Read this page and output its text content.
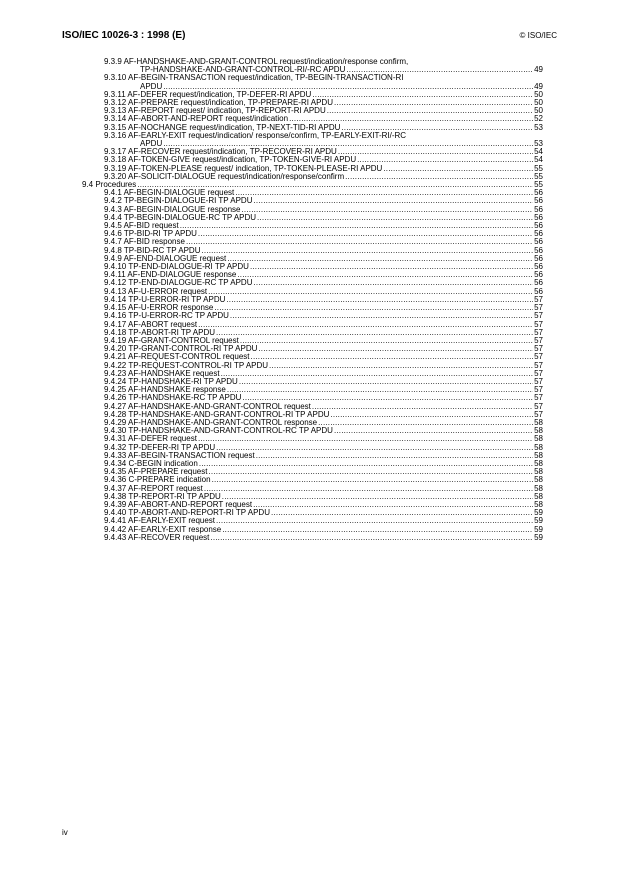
ISO/IEC 10026-3 : 1998 (E)	© ISO/IEC
9.3.9 AF-HANDSHAKE-AND-GRANT-CONTROL request/indication/response confirm,
TP-HANDSHAKE-AND-GRANT-CONTROL-RI/-RC APDU .....	49
9.3.10 AF-BEGIN-TRANSACTION request/indication, TP-BEGIN-TRANSACTION-RI
APDU .....	49
9.3.11 AF-DEFER request/indication, TP-DEFER-RI APDU .....	50
9.3.12 AF-PREPARE request/indication, TP-PREPARE-RI APDU .....	50
9.3.13 AF-REPORT request/ indication, TP-REPORT-RI APDU .....	50
9.3.14 AF-ABORT-AND-REPORT request/indication .....	52
9.3.15 AF-NOCHANGE request/indication, TP-NEXT-TID-RI APDU .....	53
9.3.16 AF-EARLY-EXIT request/indication/ response/confirm, TP-EARLY-EXIT-RI/-RC
APDU .....	53
9.3.17 AF-RECOVER request/indication, TP-RECOVER-RI APDU .....	54
9.3.18 AF-TOKEN-GIVE request/indication, TP-TOKEN-GIVE-RI APDU .....	54
9.3.19 AF-TOKEN-PLEASE request/ indication, TP-TOKEN-PLEASE-RI APDU .....	55
9.3.20 AF-SOLICIT-DIALOGUE request/indication/response/confirm .....	55
9.4 Procedures .....	55
9.4.1 AF-BEGIN-DIALOGUE request .....	56
9.4.2 TP-BEGIN-DIALOGUE-RI TP APDU .....	56
9.4.3 AF-BEGIN-DIALOGUE response .....	56
9.4.4 TP-BEGIN-DIALOGUE-RC TP APDU .....	56
9.4.5 AF-BID request .....	56
9.4.6 TP-BID-RI TP APDU .....	56
9.4.7 AF-BID response .....	56
9.4.8 TP-BID-RC TP APDU .....	56
9.4.9 AF-END-DIALOGUE request .....	56
9.4.10 TP-END-DIALOGUE-RI TP APDU .....	56
9.4.11 AF-END-DIALOGUE response .....	56
9.4.12 TP-END-DIALOGUE-RC TP APDU .....	56
9.4.13 AF-U-ERROR request .....	56
9.4.14 TP-U-ERROR-RI TP APDU .....	57
9.4.15 AF-U-ERROR response .....	57
9.4.16 TP-U-ERROR-RC TP APDU .....	57
9.4.17 AF-ABORT request .....	57
9.4.18 TP-ABORT-RI TP APDU .....	57
9.4.19 AF-GRANT-CONTROL request .....	57
9.4.20 TP-GRANT-CONTROL-RI TP APDU .....	57
9.4.21 AF-REQUEST-CONTROL request .....	57
9.4.22 TP-REQUEST-CONTROL-RI TP APDU .....	57
9.4.23 AF-HANDSHAKE request .....	57
9.4.24 TP-HANDSHAKE-RI TP APDU .....	57
9.4.25 AF-HANDSHAKE response .....	57
9.4.26 TP-HANDSHAKE-RC TP APDU .....	57
9.4.27 AF-HANDSHAKE-AND-GRANT-CONTROL request .....	57
9.4.28 TP-HANDSHAKE-AND-GRANT-CONTROL-RI TP APDU .....	57
9.4.29 AF-HANDSHAKE-AND-GRANT-CONTROL response .....	58
9.4.30 TP-HANDSHAKE-AND-GRANT-CONTROL-RC TP APDU .....	58
9.4.31 AF-DEFER request .....	58
9.4.32 TP-DEFER-RI TP APDU .....	58
9.4.33 AF-BEGIN-TRANSACTION request .....	58
9.4.34 C-BEGIN indication .....	58
9.4.35 AF-PREPARE request .....	58
9.4.36 C-PREPARE indication .....	58
9.4.37 AF-REPORT request .....	58
9.4.38 TP-REPORT-RI TP APDU .....	58
9.4.39 AF-ABORT-AND-REPORT request .....	58
9.4.40 TP-ABORT-AND-REPORT-RI TP APDU .....	59
9.4.41 AF-EARLY-EXIT request .....	59
9.4.42 AF-EARLY-EXIT response .....	59
9.4.43 AF-RECOVER request .....	59
iv
